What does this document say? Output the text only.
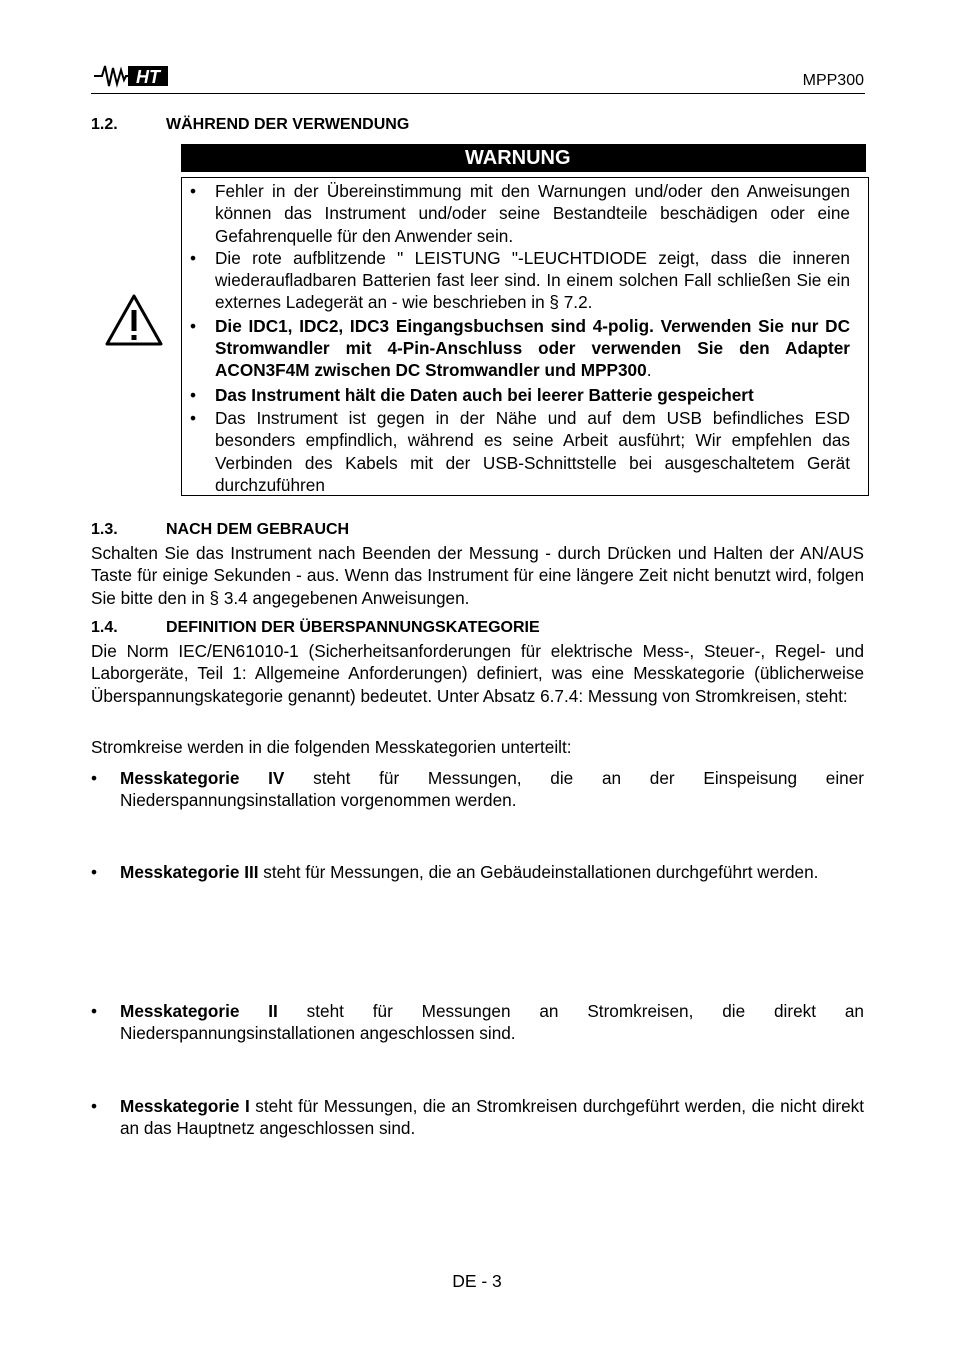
HT	MPP300
1.2.	WÄHREND DER VERWENDUNG
WARNUNG
• Fehler in der Übereinstimmung mit den Warnungen und/oder den Anweisungen können das Instrument und/oder seine Bestandteile beschädigen oder eine Gefahrenquelle für den Anwender sein.
• Die rote aufblitzende " LEISTUNG "-LEUCHTDIODE zeigt, dass die inneren wiederaufladbaren Batterien fast leer sind. In einem solchen Fall schließen Sie ein externes Ladegerät an - wie beschrieben in § 7.2.
• Die IDC1, IDC2, IDC3 Eingangsbuchsen sind 4-polig. Verwenden Sie nur DC Stromwandler mit 4-Pin-Anschluss oder verwenden Sie den Adapter ACON3F4M zwischen DC Stromwandler und MPP300.
• Das Instrument hält die Daten auch bei leerer Batterie gespeichert
• Das Instrument ist gegen in der Nähe und auf dem USB befindliches ESD besonders empfindlich, während es seine Arbeit ausführt; Wir empfehlen das Verbinden des Kabels mit der USB-Schnittstelle bei ausgeschaltetem Gerät durchzuführen
1.3.	NACH DEM GEBRAUCH
Schalten Sie das Instrument nach Beenden der Messung - durch Drücken und Halten der AN/AUS Taste für einige Sekunden - aus. Wenn das Instrument für eine längere Zeit nicht benutzt wird, folgen Sie bitte den in § 3.4 angegebenen Anweisungen.
1.4.	DEFINITION DER ÜBERSPANNUNGSKATEGORIE
Die Norm IEC/EN61010-1 (Sicherheitsanforderungen für elektrische Mess-, Steuer-, Regel- und Laborgeräte, Teil 1: Allgemeine Anforderungen) definiert, was eine Messkategorie (üblicherweise Überspannungskategorie genannt) bedeutet. Unter Absatz 6.7.4: Messung von Stromkreisen, steht:
Stromkreise werden in die folgenden Messkategorien unterteilt:
• Messkategorie IV steht für Messungen, die an der Einspeisung einer Niederspannungsinstallation vorgenommen werden.
• Messkategorie III steht für Messungen, die an Gebäudeinstallationen durchgeführt werden.
• Messkategorie II steht für Messungen an Stromkreisen, die direkt an Niederspannungsinstallationen angeschlossen sind.
• Messkategorie I steht für Messungen, die an Stromkreisen durchgeführt werden, die nicht direkt an das Hauptnetz angeschlossen sind.
DE - 3
